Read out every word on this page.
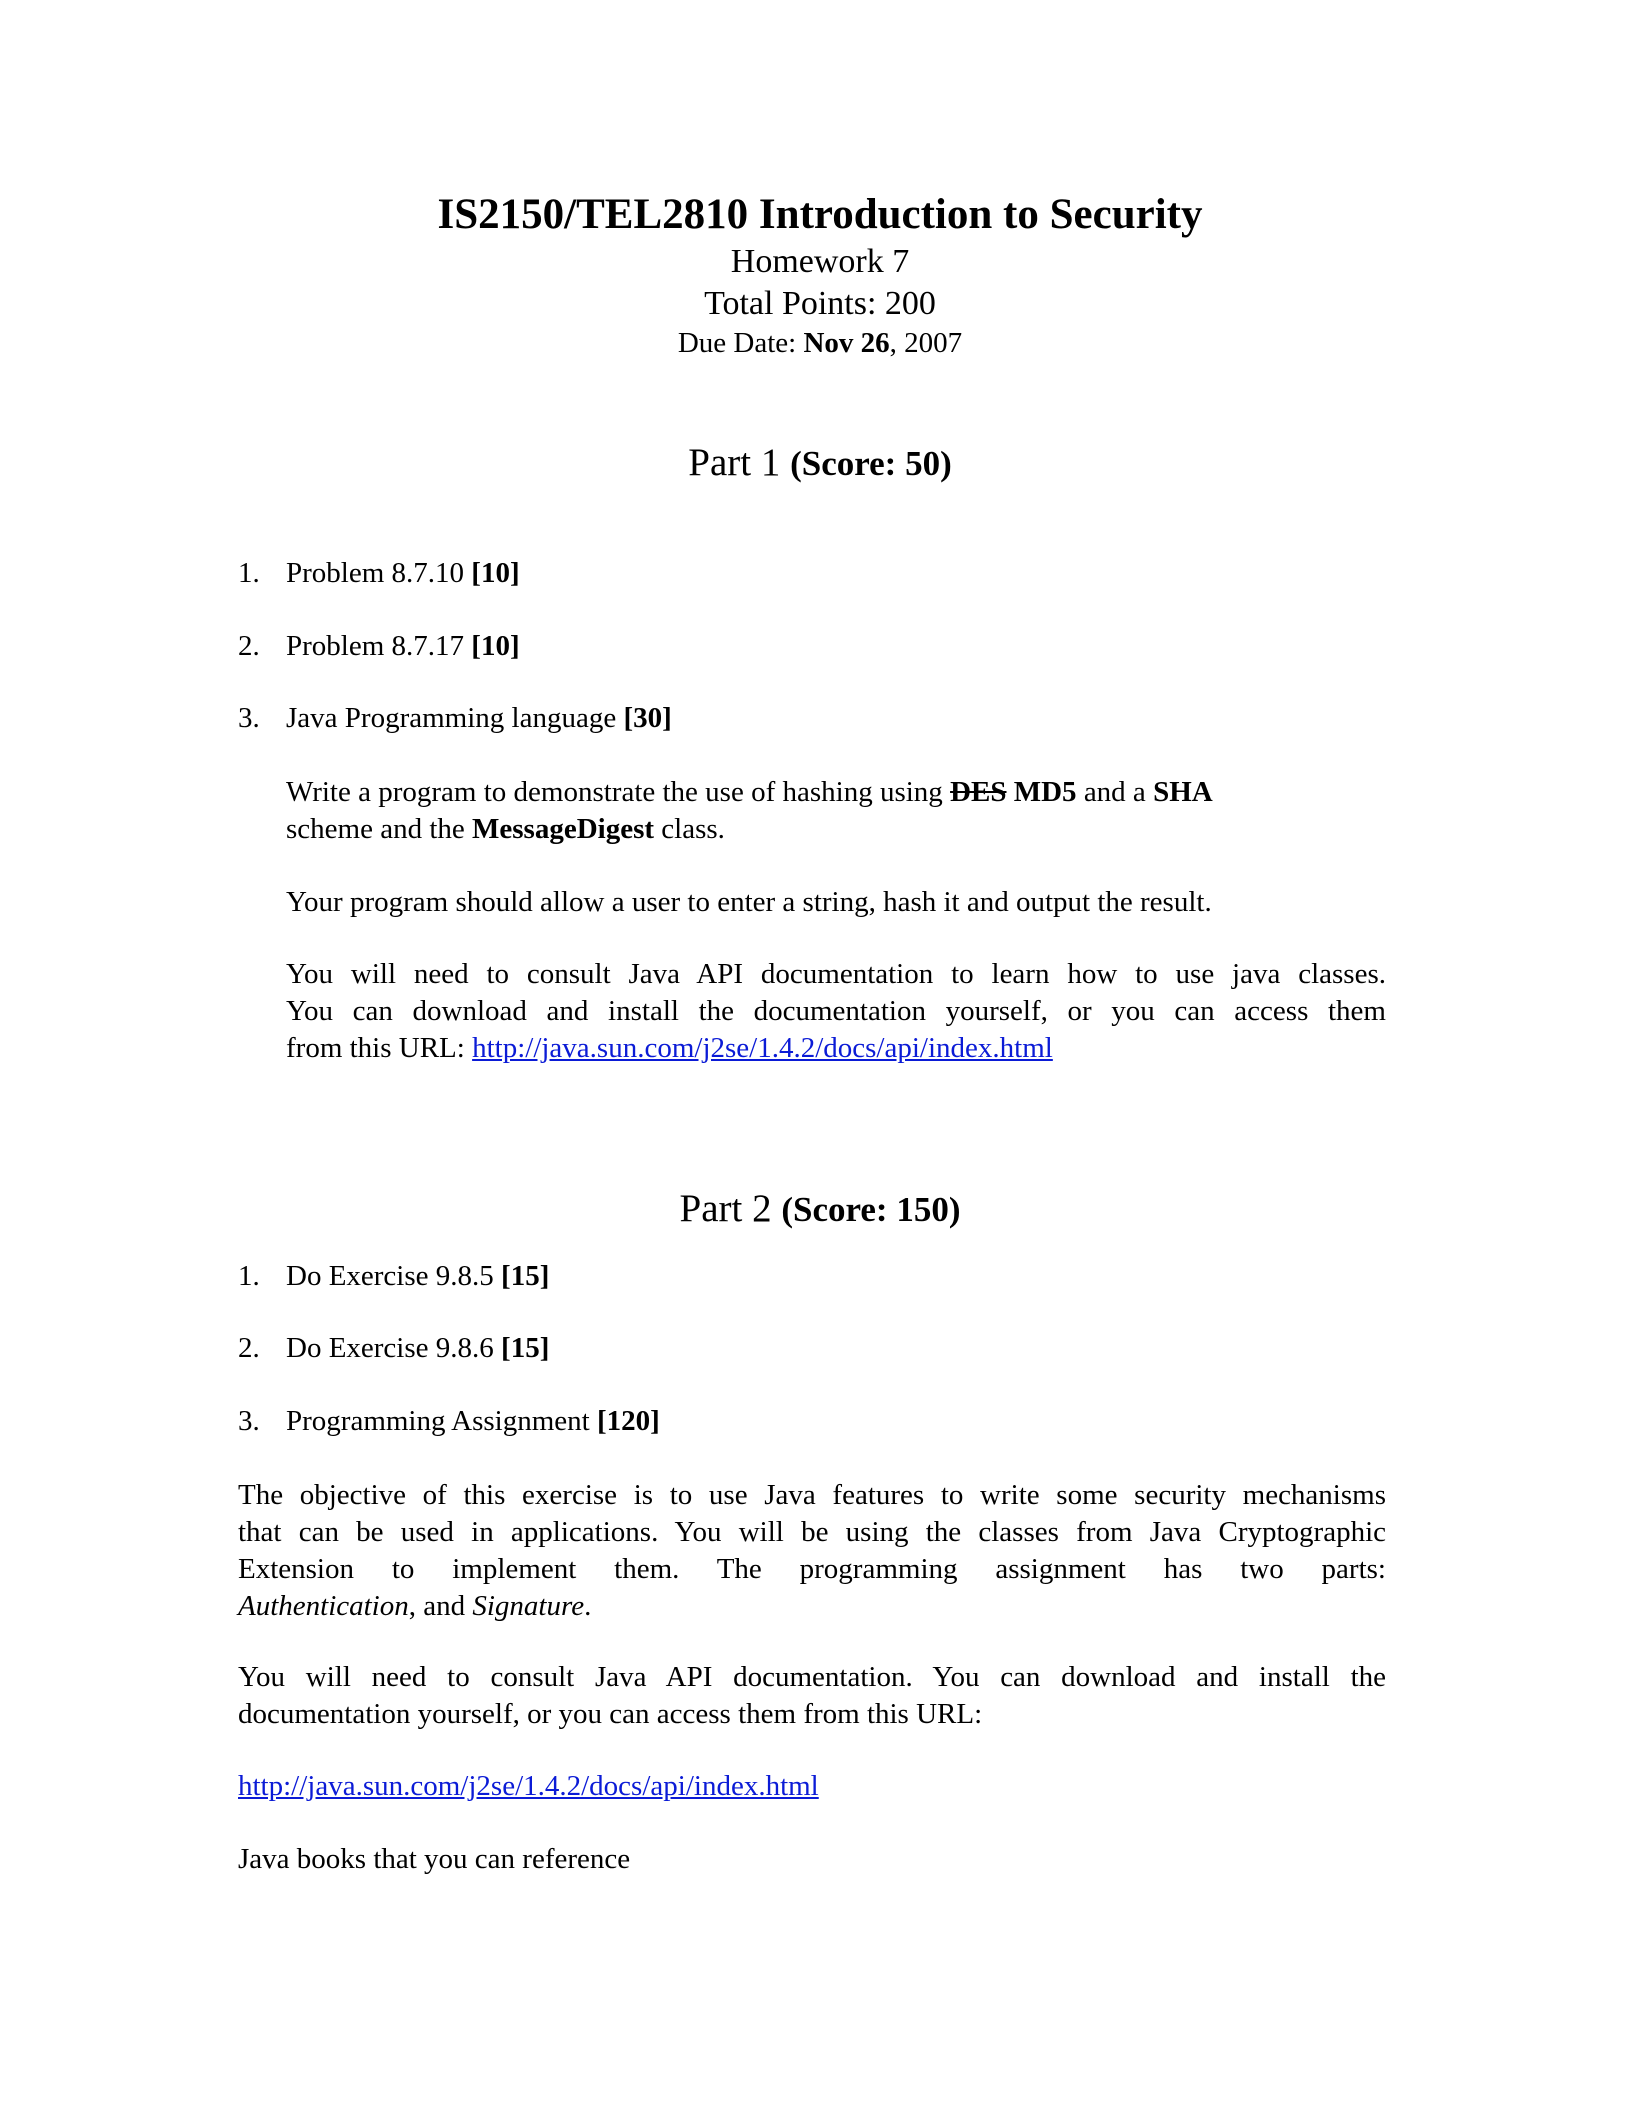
IS2150/TEL2810 Introduction to Security
Homework 7
Total Points: 200
Due Date: Nov 26, 2007
Part 1 (Score: 50)
1. Problem 8.7.10 [10]
2. Problem 8.7.17 [10]
3. Java Programming language [30]
Write a program to demonstrate the use of hashing using DES MD5 and a SHA
scheme and the MessageDigest class.
Your program should allow a user to enter a string, hash it and output the result.
You will need to consult Java API documentation to learn how to use java classes.
You can download and install the documentation yourself, or you can access them
from this URL: http://java.sun.com/j2se/1.4.2/docs/api/index.html
Part 2 (Score: 150)
1. Do Exercise 9.8.5 [15]
2. Do Exercise 9.8.6 [15]
3. Programming Assignment [120]
The objective of this exercise is to use Java features to write some security mechanisms
that can be used in applications. You will be using the classes from Java Cryptographic
Extension to implement them. The programming assignment has two parts:
Authentication, and Signature.
You will need to consult Java API documentation. You can download and install the
documentation yourself, or you can access them from this URL:
http://java.sun.com/j2se/1.4.2/docs/api/index.html
Java books that you can reference
